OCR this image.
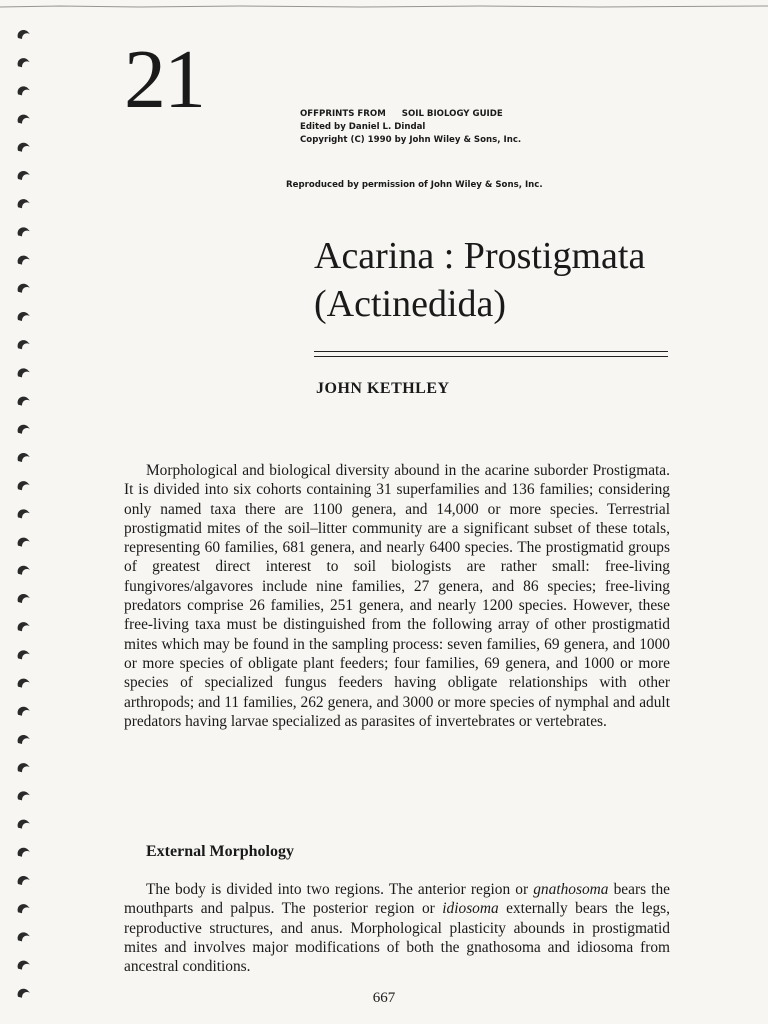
21	OFFPRINTS FROM SOIL BIOLOGY GUIDE
Edited by Daniel L. Dindal
Copyright (C) 1990 by John Wiley & Sons, Inc.
Reproduced by permission of John Wiley & Sons, Inc.
Acarina : Prostigmata
(Actinedida)
JOHN KETHLEY

Morphological and biological diversity abound in the acarine suborder Prostigmata. It is divided into six cohorts containing 31 superfamilies and 136 families; considering only named taxa there are 1100 genera, and 14,000 or more species. Terrestrial prostigmatid mites of the soil–litter community are a significant subset of these totals, representing 60 families, 681 genera, and nearly 6400 species. The prostigmatid groups of greatest direct interest to soil biologists are rather small: free-living fungivores/algavores include nine families, 27 genera, and 86 species; free-living predators comprise 26 families, 251 genera, and nearly 1200 species. However, these free-living taxa must be distinguished from the following array of other prostigmatid mites which may be found in the sampling process: seven families, 69 genera, and 1000 or more species of obligate plant feeders; four families, 69 genera, and 1000 or more species of specialized fungus feeders having obligate relationships with other arthropods; and 11 families, 262 genera, and 3000 or more species of nymphal and adult predators having larvae specialized as parasites of invertebrates or vertebrates.

External Morphology

The body is divided into two regions. The anterior region or gnathosoma bears the mouthparts and palpus. The posterior region or idiosoma externally bears the legs, reproductive structures, and anus. Morphological plasticity abounds in prostigmatid mites and involves major modifications of both the gnathosoma and idiosoma from ancestral conditions.

667
